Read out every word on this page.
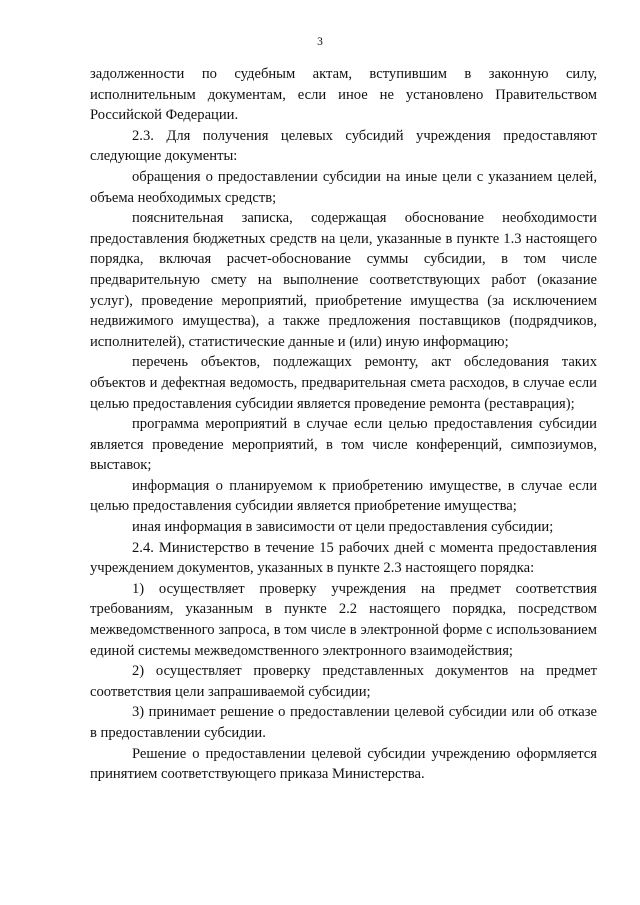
3

задолженности по судебным актам, вступившим в законную силу, исполнительным документам, если иное не установлено Правительством Российской Федерации.

2.3. Для получения целевых субсидий учреждения предоставляют следующие документы:

обращения о предоставлении субсидии на иные цели с указанием целей, объема необходимых средств;

пояснительная записка, содержащая обоснование необходимости предоставления бюджетных средств на цели, указанные в пункте 1.3 настоящего порядка, включая расчет-обоснование суммы субсидии, в том числе предварительную смету на выполнение соответствующих работ (оказание услуг), проведение мероприятий, приобретение имущества (за исключением недвижимого имущества), а также предложения поставщиков (подрядчиков, исполнителей), статистические данные и (или) иную информацию;

перечень объектов, подлежащих ремонту, акт обследования таких объектов и дефектная ведомость, предварительная смета расходов, в случае если целью предоставления субсидии является проведение ремонта (реставрация);

программа мероприятий в случае если целью предоставления субсидии является проведение мероприятий, в том числе конференций, симпозиумов, выставок;

информация о планируемом к приобретению имуществе, в случае если целью предоставления субсидии является приобретение имущества;

иная информация в зависимости от цели предоставления субсидии;

2.4. Министерство в течение 15 рабочих дней с момента предоставления учреждением документов, указанных в пункте 2.3 настоящего порядка:

1) осуществляет проверку учреждения на предмет соответствия требованиям, указанным в пункте 2.2 настоящего порядка, посредством межведомственного запроса, в том числе в электронной форме с использованием единой системы межведомственного электронного взаимодействия;

2) осуществляет проверку представленных документов на предмет соответствия цели запрашиваемой субсидии;

3) принимает решение о предоставлении целевой субсидии или об отказе в предоставлении субсидии.

Решение о предоставлении целевой субсидии учреждению оформляется принятием соответствующего приказа Министерства.
